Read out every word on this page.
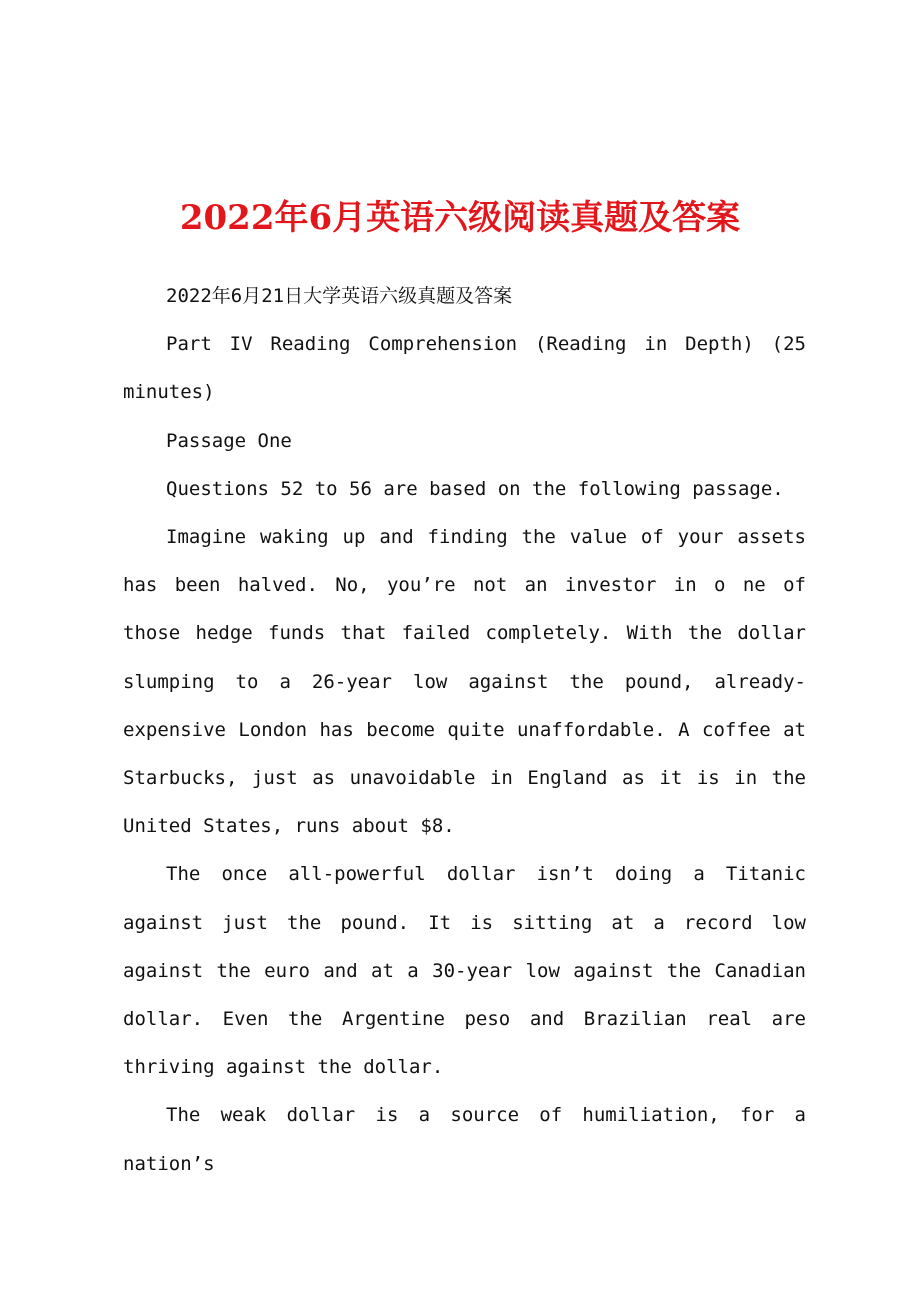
2022年6月英语六级阅读真题及答案

2022年6月21日大学英语六级真题及答案

Part IV Reading Comprehension (Reading in Depth) (25 minutes)

Passage One

Questions 52 to 56 are based on the following passage.

Imagine waking up and finding the value of your assets has been halved. No, you’re not an investor in o ne of those hedge funds that failed completely. With the dollar slumping to a 26-year low against the pound, already-expensive London has become quite unaffordable. A coffee at Starbucks, just as unavoidable in England as it is in the United States, runs about $8.

The once all-powerful dollar isn’t doing a Titanic against just the pound. It is sitting at a record low against the euro and at a 30-year low against the Canadian dollar. Even the Argentine peso and Brazilian real are thriving against the dollar.

The weak dollar is a source of humiliation, for a nation’s
